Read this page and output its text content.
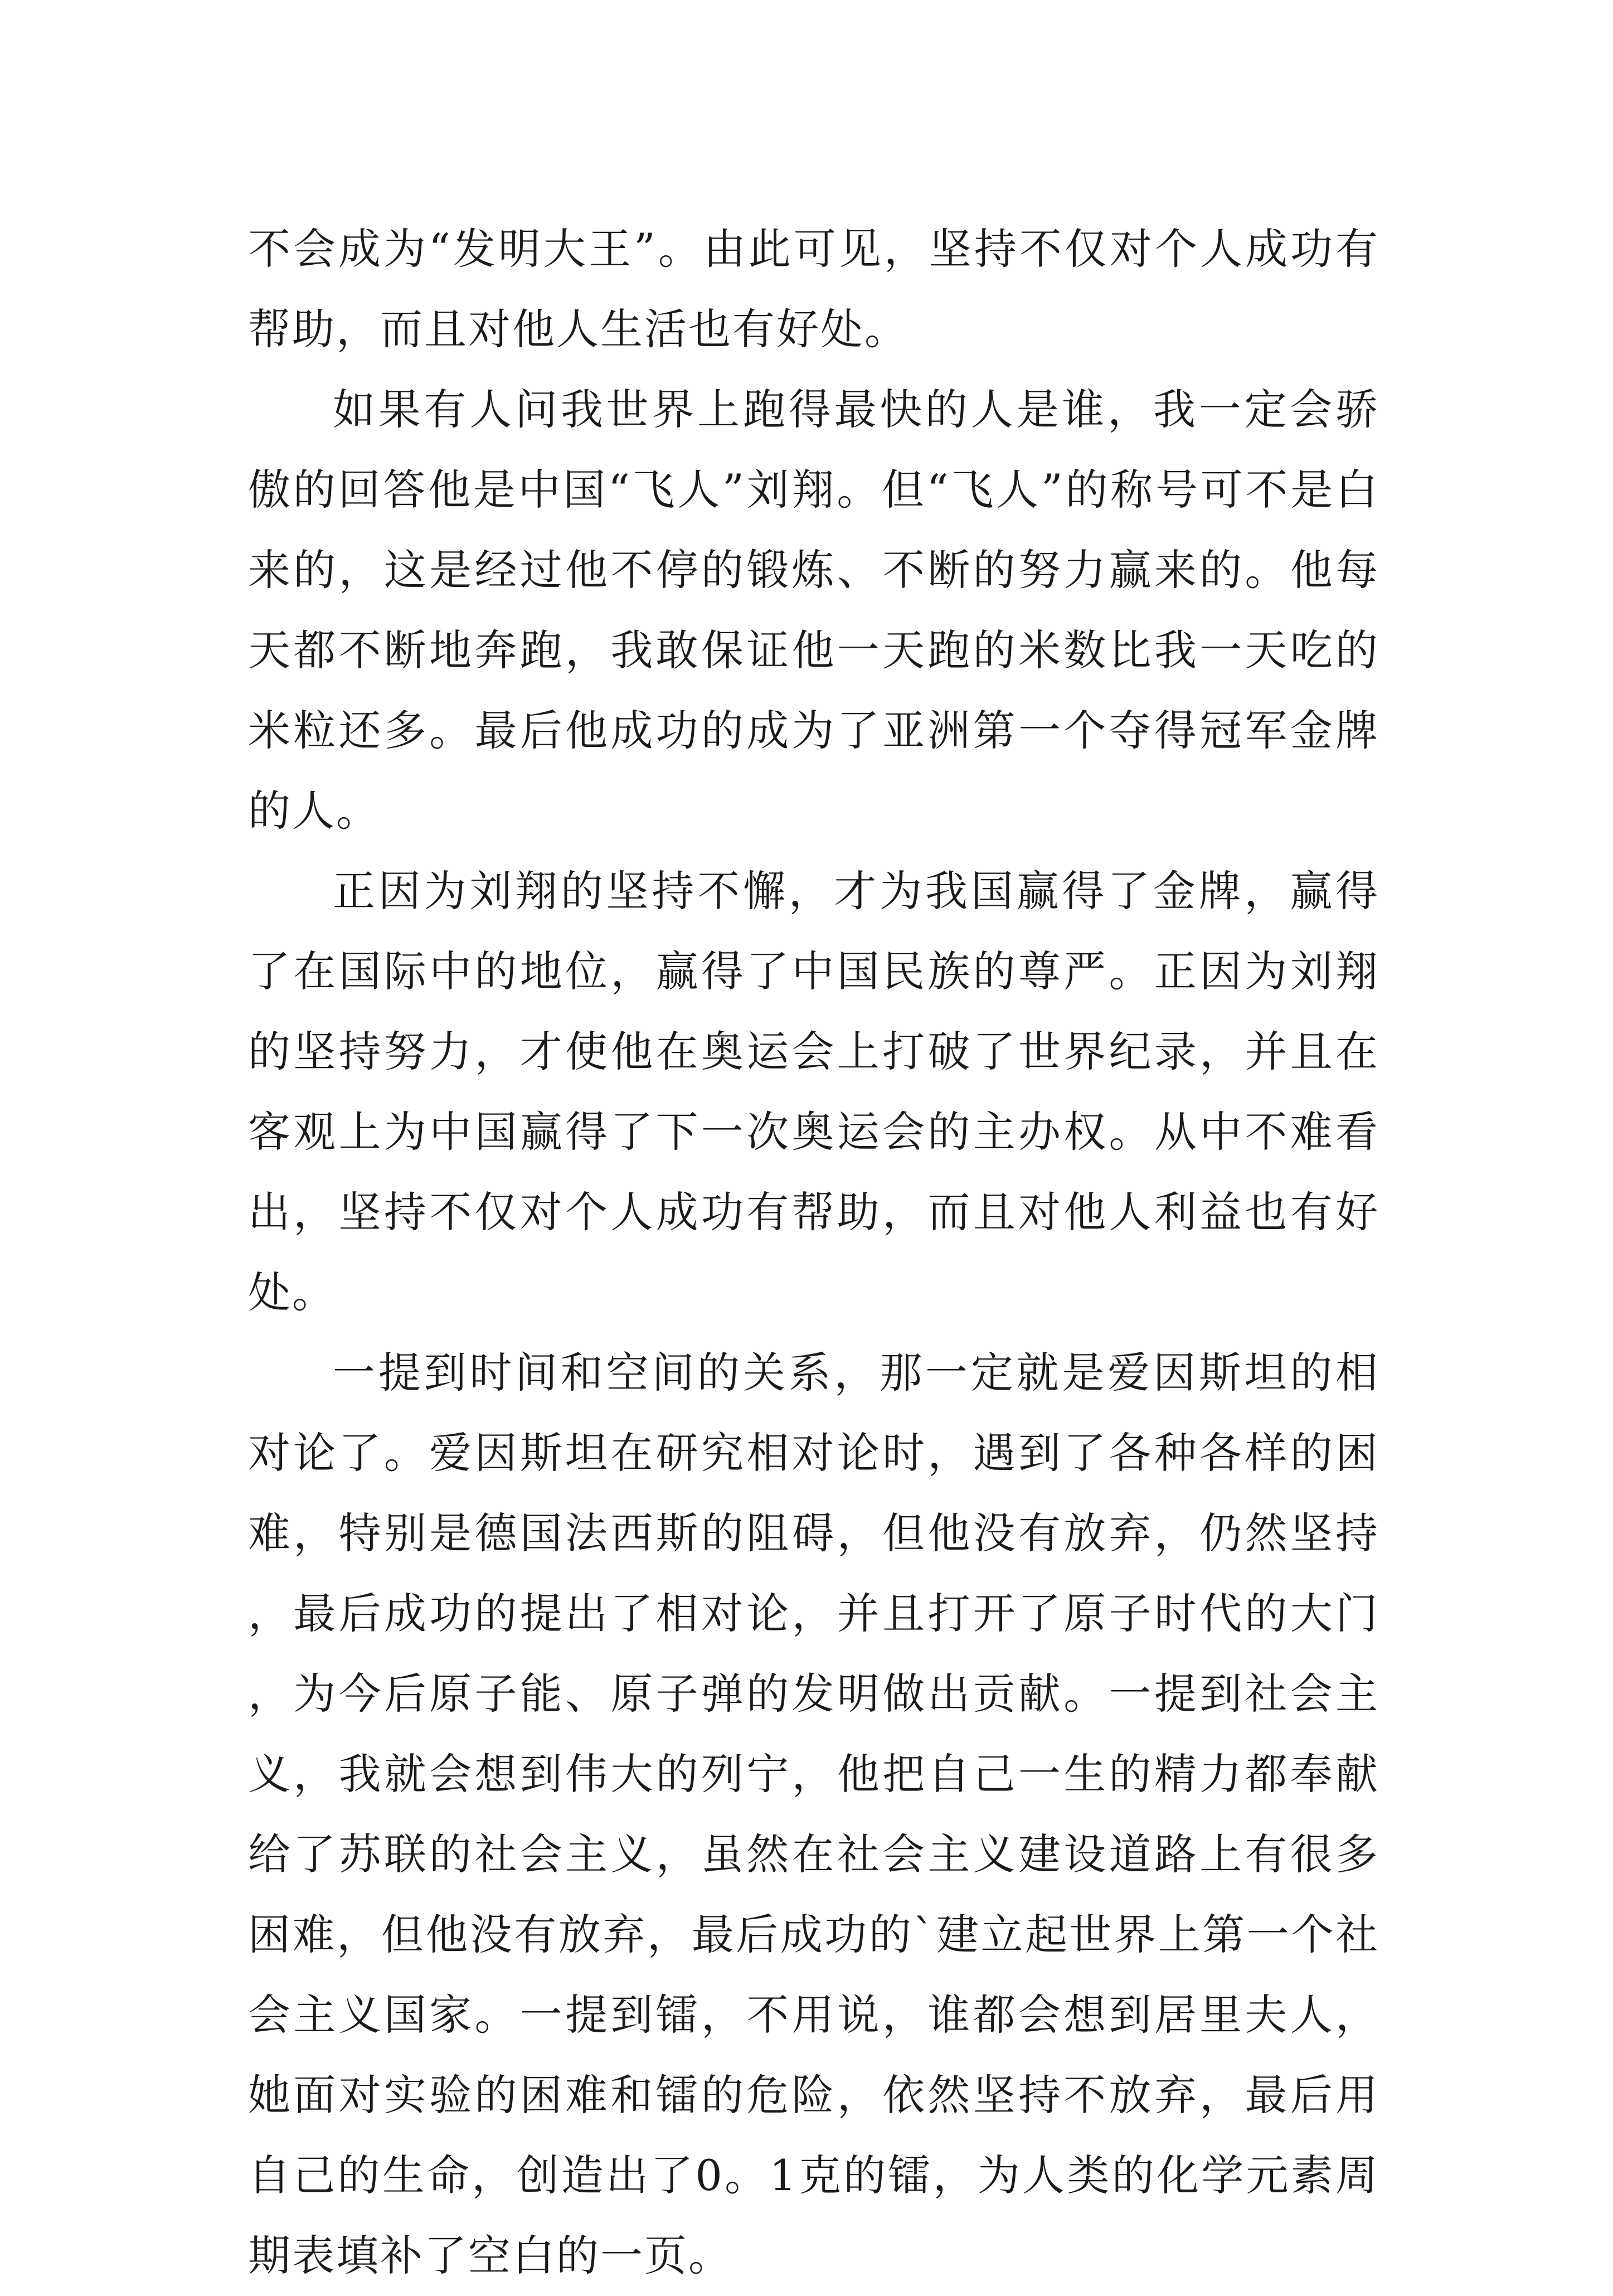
不会成为“发明大王”。由此可见，坚持不仅对个人成功有帮助，而且对他人生活也有好处。

如果有人问我世界上跑得最快的人是谁，我一定会骄傲的回答他是中国“飞人”刘翔。但“飞人”的称号可不是白来的，这是经过他不停的锻炼、不断的努力赢来的。他每天都不断地奔跑，我敢保证他一天跑的米数比我一天吃的米粒还多。最后他成功的成为了亚洲第一个夺得冠军金牌的人。

正因为刘翔的坚持不懈，才为我国赢得了金牌，赢得了在国际中的地位，赢得了中国民族的尊严。正因为刘翔的坚持努力，才使他在奥运会上打破了世界纪录，并且在客观上为中国赢得了下一次奥运会的主办权。从中不难看出，坚持不仅对个人成功有帮助，而且对他人利益也有好处。

一提到时间和空间的关系，那一定就是爱因斯坦的相对论了。爱因斯坦在研究相对论时，遇到了各种各样的困难，特别是德国法西斯的阻碍，但他没有放弃，仍然坚持，最后成功的提出了相对论，并且打开了原子时代的大门，为今后原子能、原子弹的发明做出贡献。一提到社会主义，我就会想到伟大的列宁，他把自己一生的精力都奉献给了苏联的社会主义，虽然在社会主义建设道路上有很多困难，但他没有放弃，最后成功的`建立起世界上第一个社会主义国家。一提到镭，不用说，谁都会想到居里夫人，她面对实验的困难和镭的危险，依然坚持不放弃，最后用自己的生命，创造出了0。1克的镭，为人类的化学元素周期表填补了空白的一页。
